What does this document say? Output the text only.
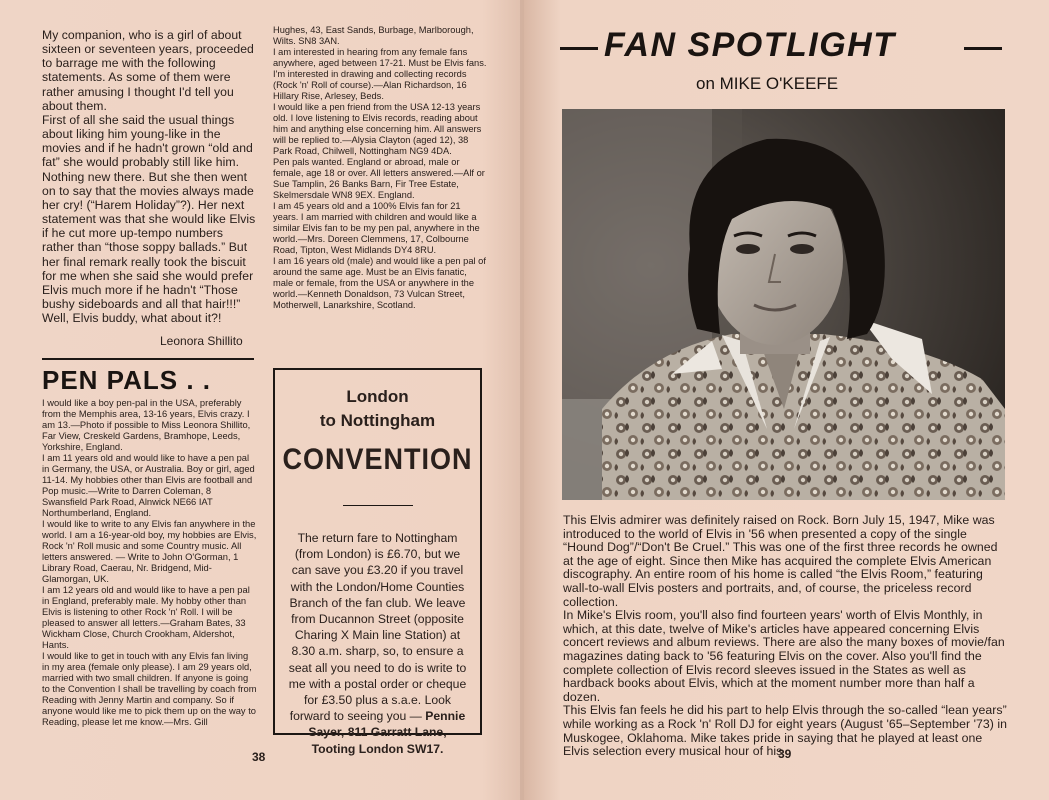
My companion, who is a girl of about sixteen or seventeen years, proceeded to barrage me with the following statements. As some of them were rather amusing I thought I'd tell you about them.
First of all she said the usual things about liking him young-like in the movies and if he hadn't grown “old and fat” she would probably still like him. Nothing new there. But she then went on to say that the movies always made her cry! (“Harem Holiday”?). Her next statement was that she would like Elvis if he cut more up-tempo numbers rather than “those soppy ballads.” But her final remark really took the biscuit for me when she said she would prefer Elvis much more if he hadn't “Those bushy sideboards and all that hair!!!”
Well, Elvis buddy, what about it?!
Leonora Shillito
PEN PALS . .
I would like a boy pen-pal in the USA, preferably from the Memphis area, 13-16 years, Elvis crazy. I am 13.—Photo if possible to Miss Leonora Shillito, Far View, Creskeld Gardens, Bramhope, Leeds, Yorkshire, England.
I am 11 years old and would like to have a pen pal in Germany, the USA, or Australia. Boy or girl, aged 11-14. My hobbies other than Elvis are football and Pop music.—Write to Darren Coleman, 8 Swansfield Park Road, Alnwick NE66 IAT Northumberland, England.
I would like to write to any Elvis fan anywhere in the world. I am a 16-year-old boy, my hobbies are Elvis, Rock 'n' Roll music and some Country music. All letters answered. — Write to John O'Gorman, 1 Library Road, Caerau, Nr. Bridgend, Mid-Glamorgan, UK.
I am 12 years old and would like to have a pen pal in England, preferably male. My hobby other than Elvis is listening to other Rock 'n' Roll. I will be pleased to answer all letters.—Graham Bates, 33 Wickham Close, Church Crookham, Aldershot, Hants.
I would like to get in touch with any Elvis fan living in my area (female only please). I am 29 years old, married with two small children. If anyone is going to the Convention I shall be travelling by coach from Reading with Jenny Martin and company. So if anyone would like me to pick them up on the way to Reading, please let me know.—Mrs. Gill
Hughes, 43, East Sands, Burbage, Marlborough, Wilts. SN8 3AN.
I am interested in hearing from any female fans anywhere, aged between 17-21. Must be Elvis fans. I'm interested in drawing and collecting records (Rock 'n' Roll of course).—Alan Richardson, 16 Hillary Rise, Arlesey, Beds.
I would like a pen friend from the USA 12-13 years old. I love listening to Elvis records, reading about him and anything else concerning him. All answers will be replied to.—Alysia Clayton (aged 12), 38 Park Road, Chilwell, Nottingham NG9 4DA.
Pen pals wanted. England or abroad, male or female, age 18 or over. All letters answered.—Alf or Sue Tamplin, 26 Banks Barn, Fir Tree Estate, Skelmersdale WN8 9EX. England.
I am 45 years old and a 100% Elvis fan for 21 years. I am married with children and would like a similar Elvis fan to be my pen pal, anywhere in the world.—Mrs. Doreen Clemmens, 17, Colbourne Road, Tipton, West Midlands DY4 8RU.
I am 16 years old (male) and would like a pen pal of around the same age. Must be an Elvis fanatic, male or female, from the USA or anywhere in the world.—Kenneth Donaldson, 73 Vulcan Street, Motherwell, Lanarkshire, Scotland.
London
to Nottingham
CONVENTION
The return fare to Nottingham (from London) is £6.70, but we can save you £3.20 if you travel with the London/Home Counties Branch of the fan club. We leave from Ducannon Street (opposite Charing X Main line Station) at 8.30 a.m. sharp, so, to ensure a seat all you need to do is write to me with a postal order or cheque for £3.50 plus a s.a.e. Look forward to seeing you — Pennie Sayer, 811 Garratt Lane, Tooting London SW17.
38
FAN SPOTLIGHT
on MIKE O'KEEFE
This Elvis admirer was definitely raised on Rock. Born July 15, 1947, Mike was introduced to the world of Elvis in '56 when presented a copy of the single “Hound Dog”/“Don't Be Cruel.” This was one of the first three records he owned at the age of eight. Since then Mike has acquired the complete Elvis American discography. An entire room of his home is called “the Elvis Room,” featuring wall-to-wall Elvis posters and portraits, and, of course, the priceless record collection.
In Mike's Elvis room, you'll also find fourteen years' worth of Elvis Monthly, in which, at this date, twelve of Mike's articles have appeared concerning Elvis concert reviews and album reviews. There are also the many boxes of movie/fan magazines dating back to '56 featuring Elvis on the cover. Also you'll find the complete collection of Elvis record sleeves issued in the States as well as hardback books about Elvis, which at the moment number more than half a dozen.
This Elvis fan feels he did his part to help Elvis through the so-called “lean years” while working as a Rock 'n' Roll DJ for eight years (August '65–September '73) in Muskogee, Oklahoma. Mike takes pride in saying that he played at least one Elvis selection every musical hour of his
39
